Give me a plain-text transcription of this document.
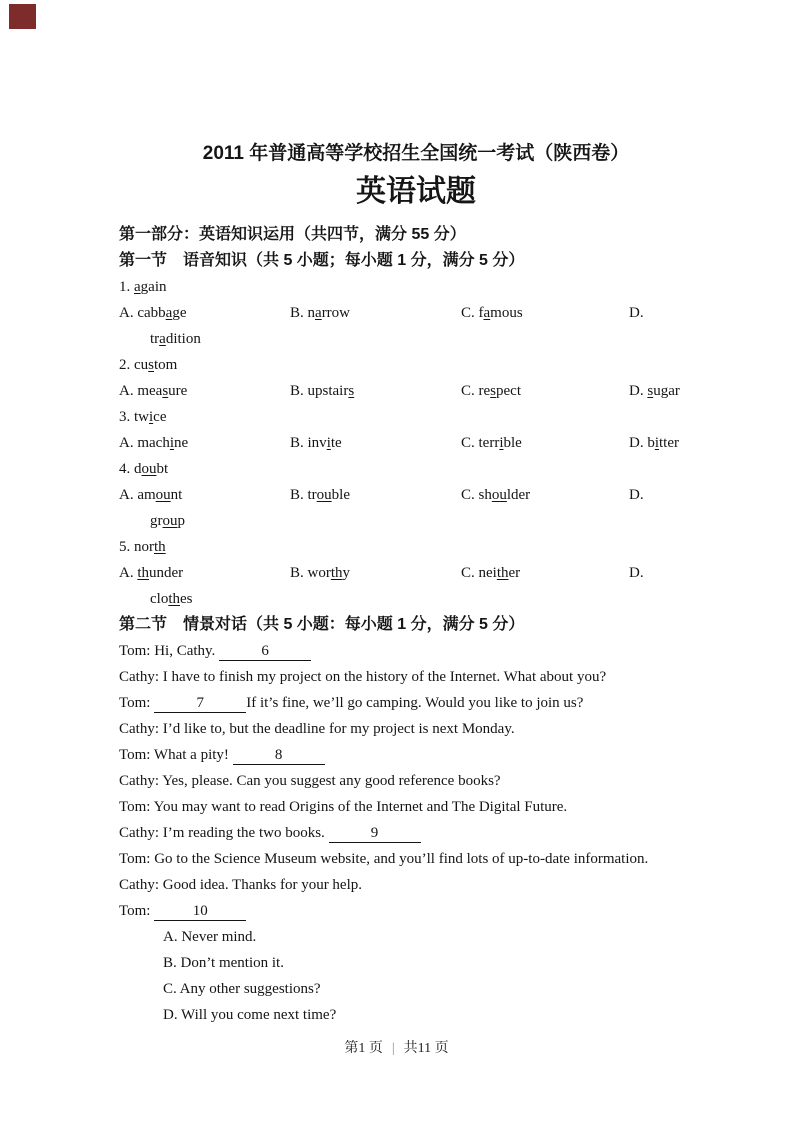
2011 年普通高等学校招生全国统一考试（陕西卷）
英语试题
第一部分：英语知识运用（共四节，满分 55 分）
第一节　语音知识（共 5 小题；每小题 1 分，满分 5 分）
1. again
A. cabbage	B. narrow	C. famous	D.
tradition
2. custom
A. measure	B. upstairs	C. respect	D. sugar
3. twice
A. machine	B. invite	C. terrible	D. bitter
4. doubt
A. amount	B. trouble	C. shoulder	D.
group
5. north
A. thunder	B. worthy	C. neither	D.
clothes
第二节　情景对话（共 5 小题：每小题 1 分，满分 5 分）
Tom: Hi, Cathy.	6
Cathy: I have to finish my project on the history of the Internet. What about you?
Tom:	7	If it’s fine, we’ll go camping. Would you like to join us?
Cathy: I’d like to, but the deadline for my project is next Monday.
Tom: What a pity!	8
Cathy: Yes, please. Can you suggest any good reference books?
Tom: You may want to read Origins of the Internet and The Digital Future.
Cathy: I’m reading the two books.	9
Tom: Go to the Science Museum website, and you’ll find lots of up-to-date information.
Cathy: Good idea. Thanks for your help.
Tom:	10
A. Never mind.
B. Don’t mention it.
C. Any other suggestions?
D. Will you come next time?
第1 页 | 共11 页
